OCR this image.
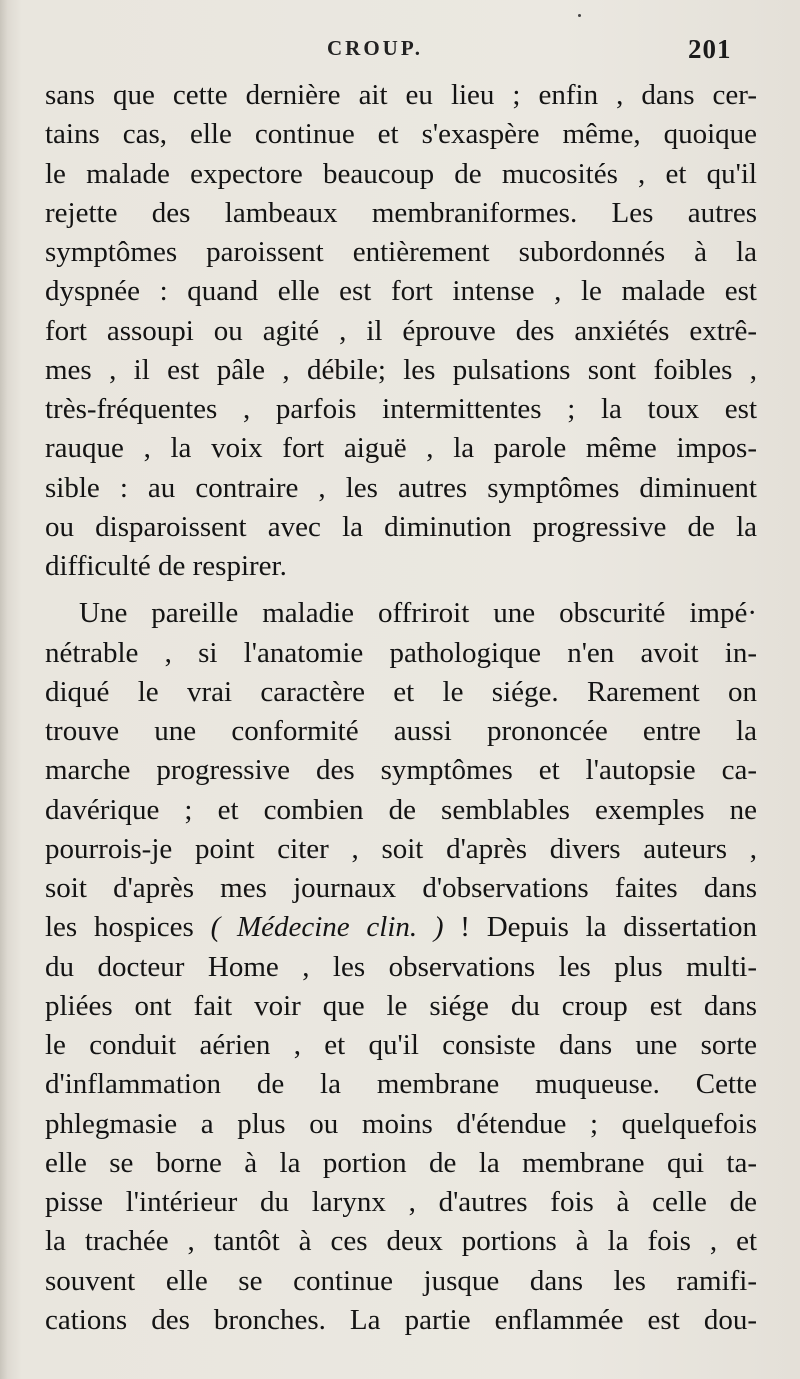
CROUP.	201
sans que cette dernière ait eu lieu ; enfin , dans cer-
tains cas, elle continue et s'exaspère même, quoique
le malade expectore beaucoup de mucosités , et qu'il
rejette des lambeaux membraniformes. Les autres
symptômes paroissent entièrement subordonnés à la
dyspnée : quand elle est fort intense , le malade est
fort assoupi ou agité , il éprouve des anxiétés extrê-
mes , il est pâle , débile; les pulsations sont foibles ,
très-fréquentes , parfois intermittentes ; la toux est
rauque , la voix fort aiguë , la parole même impos-
sible : au contraire , les autres symptômes diminuent
ou disparoissent avec la diminution progressive de la
difficulté de respirer.
Une pareille maladie offriroit une obscurité impé·
nétrable , si l'anatomie pathologique n'en avoit in-
diqué le vrai caractère et le siége. Rarement on
trouve une conformité aussi prononcée entre la
marche progressive des symptômes et l'autopsie ca-
davérique ; et combien de semblables exemples ne
pourrois-je point citer , soit d'après divers auteurs ,
soit d'après mes journaux d'observations faites dans
les hospices ( Médecine clin. ) ! Depuis la dissertation
du docteur Home , les observations les plus multi-
pliées ont fait voir que le siége du croup est dans
le conduit aérien , et qu'il consiste dans une sorte
d'inflammation de la membrane muqueuse. Cette
phlegmasie a plus ou moins d'étendue ; quelquefois
elle se borne à la portion de la membrane qui ta-
pisse l'intérieur du larynx , d'autres fois à celle de
la trachée , tantôt à ces deux portions à la fois , et
souvent elle se continue jusque dans les ramifi-
cations des bronches. La partie enflammée est dou-
